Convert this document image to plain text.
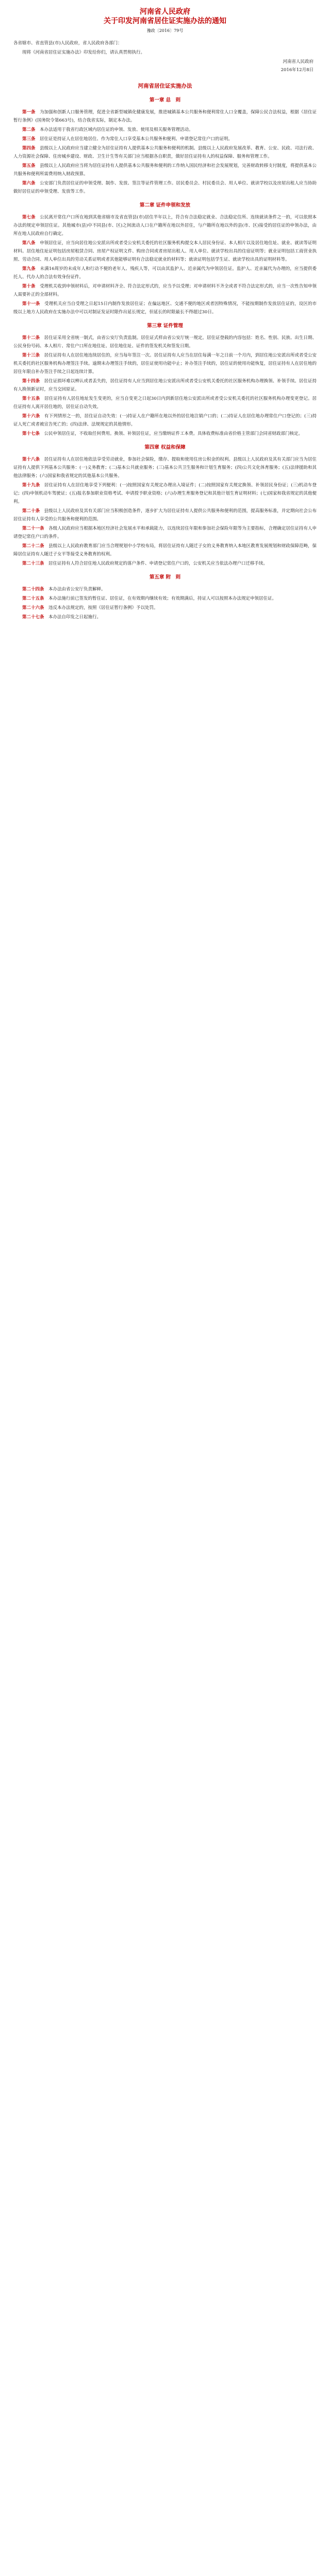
河南省人民政府

关于印发河南省居住证实施办法的通知

豫政〔2016〕79号

各省辖市、省直管县(市)人民政府，省人民政府各部门：

现将《河南省居住证实施办法》印发给你们，请认真贯彻执行。

河南省人民政府

2016年12月8日

河南省居住证实施办法

第一章 总　则

第一条　为加强和创新人口服务管理，促进全省新型城镇化健康发展，推进城镇基本公共服务和便利常住人口全覆盖，保障公民合法权益，根据《居住证暂行条例》(国务院令第663号)，结合我省实际，制定本办法。

第二条　本办法适用于我省行政区域内居住证的申领、发放、使用及相关服务管理活动。

第三条　居住证是持证人在居住地居住、作为常住人口享受基本公共服务和便利、申请登记常住户口的证明。

第四条　县级以上人民政府应当建立健全为居住证持有人提供基本公共服务和便利的机制。县级以上人民政府发展改革、教育、公安、民政、司法行政、人力资源社会保障、住房城乡建设、财政、卫生计生等有关部门应当根据各自职责，做好居住证持有人的权益保障、服务和管理工作。

第五条　县级以上人民政府应当将为居住证持有人提供基本公共服务和便利的工作纳入国民经济和社会发展规划，完善财政转移支付制度，将提供基本公共服务和便利所需费用纳入财政预算。

第六条　公安部门负责居住证的申领受理、制作、发放、签注等证件管理工作。居民委员会、村民委员会、用人单位、就读学校以及房屋出租人应当协助做好居住证的申领受理、发放等工作。

第二章 证件申领和发放

第七条　公民离开常住户口所在地到其他省辖市及省直管县(市)居住半年以上，符合有合法稳定就业、合法稳定住所、连续就读条件之一的，可以依照本办法的规定申领居住证。其他城市(县)中不同县(市、区)之间流动人口在户籍所在地以外居住，与户籍所在地以外的县(市、区)接受的居住证的申领办法，由所在地人民政府自行确定。

第八条　申领居住证，应当向居住地公安派出所或者受公安机关委托的社区服务机构提交本人居民身份证、本人相片以及居住地住址、就业、就读等证明材料。居住地住址证明包括房屋租赁合同、房屋产权证明文件、购房合同或者房屋出租人、用人单位、就读学校出具的住宿证明等；就业证明包括工商营业执照、劳动合同、用人单位出具的劳动关系证明或者其他能够证明有合法稳定就业的材料等；就读证明包括学生证、就读学校出具的证明材料等。

第九条　未满16周岁的未成年人和行动不便的老年人、残疾人等，可以由其监护人、近亲属代为申领居住证。监护人、近亲属代为办理的，应当提供委托人、代办人的合法有效身份证件。

第十条　受理机关收到申领材料后，对申请材料齐全、符合法定形式的，应当予以受理；对申请材料不齐全或者不符合法定形式的，应当一次性告知申领人需要补正的全部材料。

第十一条　受理机关应当自受理之日起15日内制作发放居住证；在偏远地区、交通不便的地区或者因特殊情况，不能按期制作发放居住证的，设区的市级以上地方人民政府在实施办法中可以对制证发证时限作出延长规定，但延长的时限最长不得超过30日。

第三章 证件管理

第十二条　居住证采用全省统一制式，由省公安厅负责监制。居住证式样由省公安厅统一规定。居住证登载的内容包括：姓名、性别、民族、出生日期、公民身份号码、本人相片、常住户口所在地住址、居住地住址、证件的签发机关和签发日期。

第十三条　居住证持有人在居住地连续居住的，应当每年签注一次。居住证持有人应当在居住每满一年之日前一个月内，到居住地公安派出所或者受公安机关委托的社区服务机构办理签注手续。逾期未办理签注手续的，居住证使用功能中止；补办签注手续的，居住证的使用功能恢复，居住证持有人在居住地的居住年限自补办签注手续之日起连续计算。

第十四条　居住证损坏难以辨认或者丢失的，居住证持有人应当到居住地公安派出所或者受公安机关委托的社区服务机构办理换领、补领手续。居住证持有人换领新证时，应当交回原证。

第十五条　居住证持有人居住地址发生变更的，应当自变更之日起30日内到新居住地公安派出所或者受公安机关委托的社区服务机构办理变更登记。居住证持有人离开居住地的，居住证自动失效。

第十六条　有下列情形之一的，居住证自动失效：(一)持证人在户籍所在地以外的居住地注销户口的；(二)持证人在居住地办理常住户口登记的；(三)持证人死亡或者被宣告死亡的；(四)法律、法规规定的其他情形。

第十七条　公民申领居住证，不收取任何费用。换领、补领居住证，应当缴纳证件工本费。具体收费标准由省价格主管部门会同省财政部门核定。

第四章 权益和保障

第十八条　居住证持有人在居住地依法享受劳动就业，参加社会保险，缴存、提取和使用住房公积金的权利。县级以上人民政府及其有关部门应当为居住证持有人提供下列基本公共服务：(一)义务教育；(二)基本公共就业服务；(三)基本公共卫生服务和计划生育服务；(四)公共文化体育服务；(五)法律援助和其他法律服务；(六)国家和我省规定的其他基本公共服务。

第十九条　居住证持有人在居住地享受下列便利：(一)按照国家有关规定办理出入境证件；(二)按照国家有关规定换领、补领居民身份证；(三)机动车登记；(四)申领机动车驾驶证；(五)报名参加职业资格考试、申请授予职业资格；(六)办理生育服务登记和其他计划生育证明材料；(七)国家和我省规定的其他便利。

第二十条　县级以上人民政府及其有关部门应当积极创造条件，逐步扩大为居住证持有人提供公共服务和便利的范围，提高服务标准，并定期向社会公布居住证持有人享受的公共服务和便利的范围。

第二十一条　各级人民政府应当根据本地区经济社会发展水平和承载能力，以连续居住年限和参加社会保险年限等为主要指标，合理确定居住证持有人申请登记常住户口的条件。

第二十二条　县级以上人民政府教育部门应当合理规划中小学校布局，将居住证持有人随迁子女的义务教育纳入本地区教育发展规划和财政保障范畴，保障居住证持有人随迁子女平等接受义务教育的权利。

第二十三条　居住证持有人符合居住地人民政府规定的落户条件、申请登记常住户口的，公安机关应当依法办理户口迁移手续。

第五章 附　则

第二十四条　本办法由省公安厅负责解释。

第二十五条　本办法施行前已签发的暂住证、居住证，在有效期内继续有效；有效期满后，持证人可以按照本办法规定申领居住证。

第二十六条　违反本办法规定的，按照《居住证暂行条例》予以处罚。

第二十七条　本办法自印发之日起施行。
